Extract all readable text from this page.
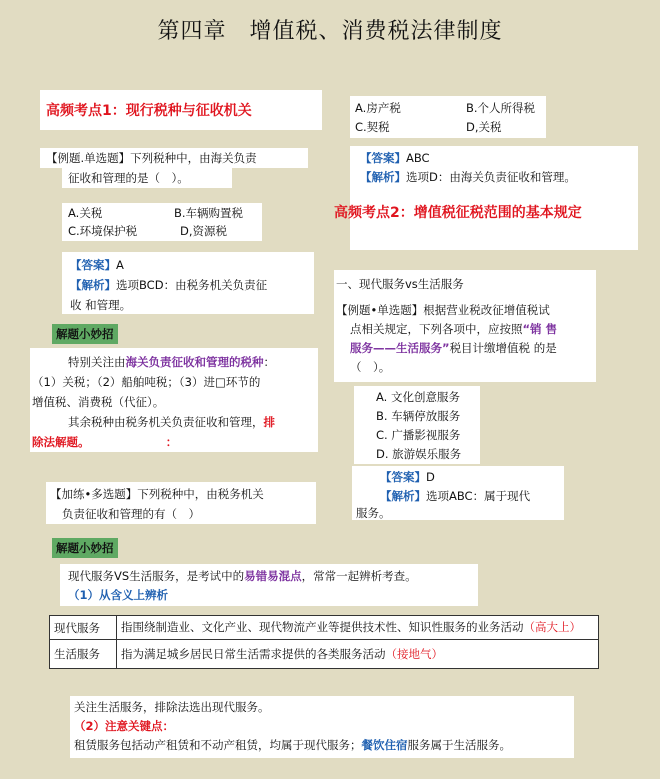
第四章　增值税、消费税法律制度
高频考点1：现行税种与征收机关
【例题.单选题】下列税种中，由海关负责
征收和管理的是（　）。
A.关税	B.车辆购置税
C.环境保护税	D,资源税
【答案】A
【解析】选项BCD：由税务机关负责征
收 和管理。
解题小妙招
特别关注由海关负责征收和管理的税种：
（1）关税；（2）船舶吨税；（3）进□环节的
增值税、消费税（代征）。
其余税种由税务机关负责征收和管理，排
除法解题。	：
【加练•多选题】下列税种中，由税务机关
负责征收和管理的有（　）
解题小妙招
A.房产税	B.个人所得税
C.契税	D,关税
【答案】ABC
【解析】选项D：由海关负责征收和管理。
高频考点2：增值税征税范围的基本规定
一、现代服务vs生活服务
【例题•单选题】根据营业税改征增值税试
点相关规定，下列各项中，应按照“销 售
服务——生活服务”税目计缴增值税 的是
（　）。
A. 文化创意服务
B. 车辆停放服务
C. 广播影视服务
D. 旅游娱乐服务
【答案】D
【解析】选项ABC：属于现代
服务。
现代服务VS生活服务，是考试中的易错易混点，常常一起辨析考查。
（1）从含义上辨析
现代服务	指围绕制造业、文化产业、现代物流产业等提供技术性、知识性服务的业务活动（高大上）
生活服务	指为满足城乡居民日常生活需求提供的各类服务活动（接地气）
关注生活服务，排除法选出现代服务。
（2）注意关键点：
租赁服务包括动产租赁和不动产租赁，均属于现代服务；餐饮住宿服务属于生活服务。
